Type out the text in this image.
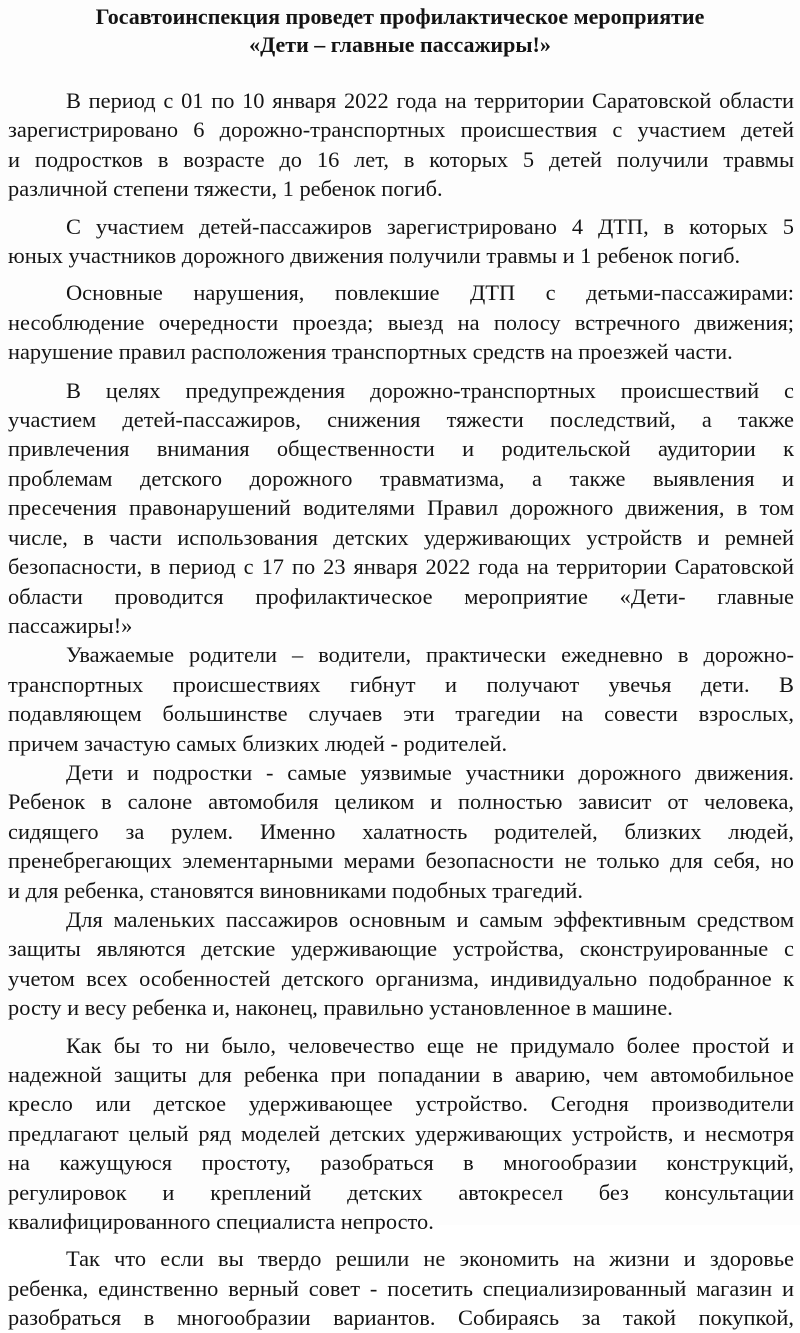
Госавтоинспекция проведет профилактическое мероприятие
«Дети – главные пассажиры!»

В период с 01 по 10 января 2022 года на территории Саратовской области
зарегистрировано 6 дорожно-транспортных происшествия с участием детей
и подростков в возрасте до 16 лет, в которых 5 детей получили травмы
различной степени тяжести, 1 ребенок погиб.

С участием детей-пассажиров зарегистрировано 4 ДТП, в которых 5
юных участников дорожного движения получили травмы и 1 ребенок погиб.

Основные нарушения, повлекшие ДТП с детьми-пассажирами:
несоблюдение очередности проезда; выезд на полосу встречного движения;
нарушение правил расположения транспортных средств на проезжей части.

В целях предупреждения дорожно-транспортных происшествий с
участием детей-пассажиров, снижения тяжести последствий, а также
привлечения внимания общественности и родительской аудитории к
проблемам детского дорожного травматизма, а также выявления и
пресечения правонарушений водителями Правил дорожного движения, в том
числе, в части использования детских удерживающих устройств и ремней
безопасности, в период с 17 по 23 января 2022 года на территории Саратовской
области проводится профилактическое мероприятие «Дети- главные
пассажиры!»

Уважаемые родители – водители, практически ежедневно в дорожно-
транспортных происшествиях гибнут и получают увечья дети. В
подавляющем большинстве случаев эти трагедии на совести взрослых,
причем зачастую самых близких людей - родителей.

Дети и подростки - самые уязвимые участники дорожного движения.
Ребенок в салоне автомобиля целиком и полностью зависит от человека,
сидящего за рулем. Именно халатность родителей, близких людей,
пренебрегающих элементарными мерами безопасности не только для себя, но
и для ребенка, становятся виновниками подобных трагедий.

Для маленьких пассажиров основным и самым эффективным средством
защиты являются детские удерживающие устройства, сконструированные с
учетом всех особенностей детского организма, индивидуально подобранное к
росту и весу ребенка и, наконец, правильно установленное в машине.

Как бы то ни было, человечество еще не придумало более простой и
надежной защиты для ребенка при попадании в аварию, чем автомобильное
кресло или детское удерживающее устройство. Сегодня производители
предлагают целый ряд моделей детских удерживающих устройств, и несмотря
на кажущуюся простоту, разобраться в многообразии конструкций,
регулировок и креплений детских автокресел без консультации
квалифицированного специалиста непросто.

Так что если вы твердо решили не экономить на жизни и здоровье
ребенка, единственно верный совет - посетить специализированный магазин и
разобраться в многообразии вариантов. Собираясь за такой покупкой,
